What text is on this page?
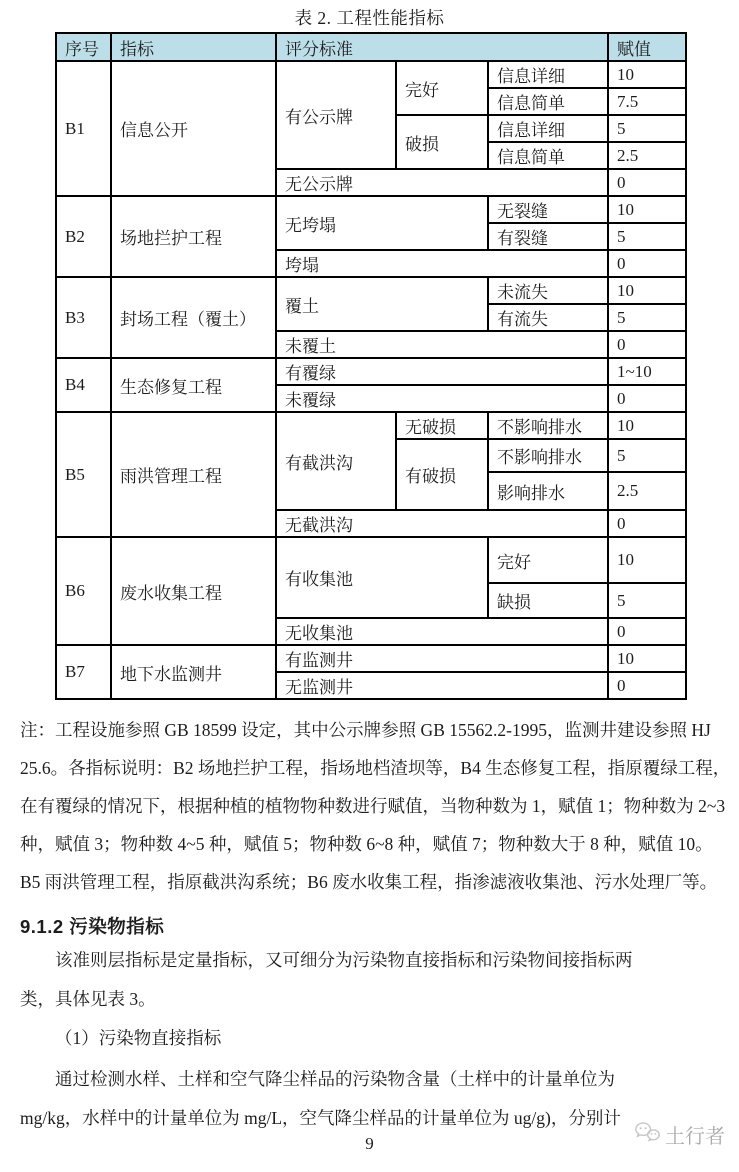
表 2. 工程性能指标
序号	指标	评分标准			赋值
B1	信息公开	有公示牌	完好	信息详细	10
				信息简单	7.5
			破损	信息详细	5
				信息简单	2.5
		无公示牌			0
B2	场地拦护工程	无垮塌		无裂缝	10
				有裂缝	5
		垮塌			0
B3	封场工程（覆土）	覆土		未流失	10
				有流失	5
		未覆土			0
B4	生态修复工程	有覆绿			1~10
		未覆绿			0
B5	雨洪管理工程	有截洪沟	无破损	不影响排水	10
			有破损	不影响排水	5
				影响排水	2.5
		无截洪沟			0
B6	废水收集工程	有收集池		完好	10
				缺损	5
		无收集池			0
B7	地下水监测井	有监测井			10
		无监测井			0
注：工程设施参照 GB 18599 设定，其中公示牌参照 GB 15562.2-1995，监测井建设参照 HJ
25.6。各指标说明：B2 场地拦护工程，指场地档渣坝等，B4 生态修复工程，指原覆绿工程，
在有覆绿的情况下，根据种植的植物物种数进行赋值，当物种数为 1，赋值 1；物种数为 2~3
种，赋值 3；物种数 4~5 种，赋值 5；物种数 6~8 种，赋值 7；物种数大于 8 种，赋值 10。
B5 雨洪管理工程，指原截洪沟系统；B6 废水收集工程，指渗滤液收集池、污水处理厂等。
9.1.2 污染物指标
该准则层指标是定量指标，又可细分为污染物直接指标和污染物间接指标两
类，具体见表 3。
（1）污染物直接指标
通过检测水样、土样和空气降尘样品的污染物含量（土样中的计量单位为
mg/kg，水样中的计量单位为 mg/L，空气降尘样品的计量单位为 ug/g)，分别计
土行者
9
